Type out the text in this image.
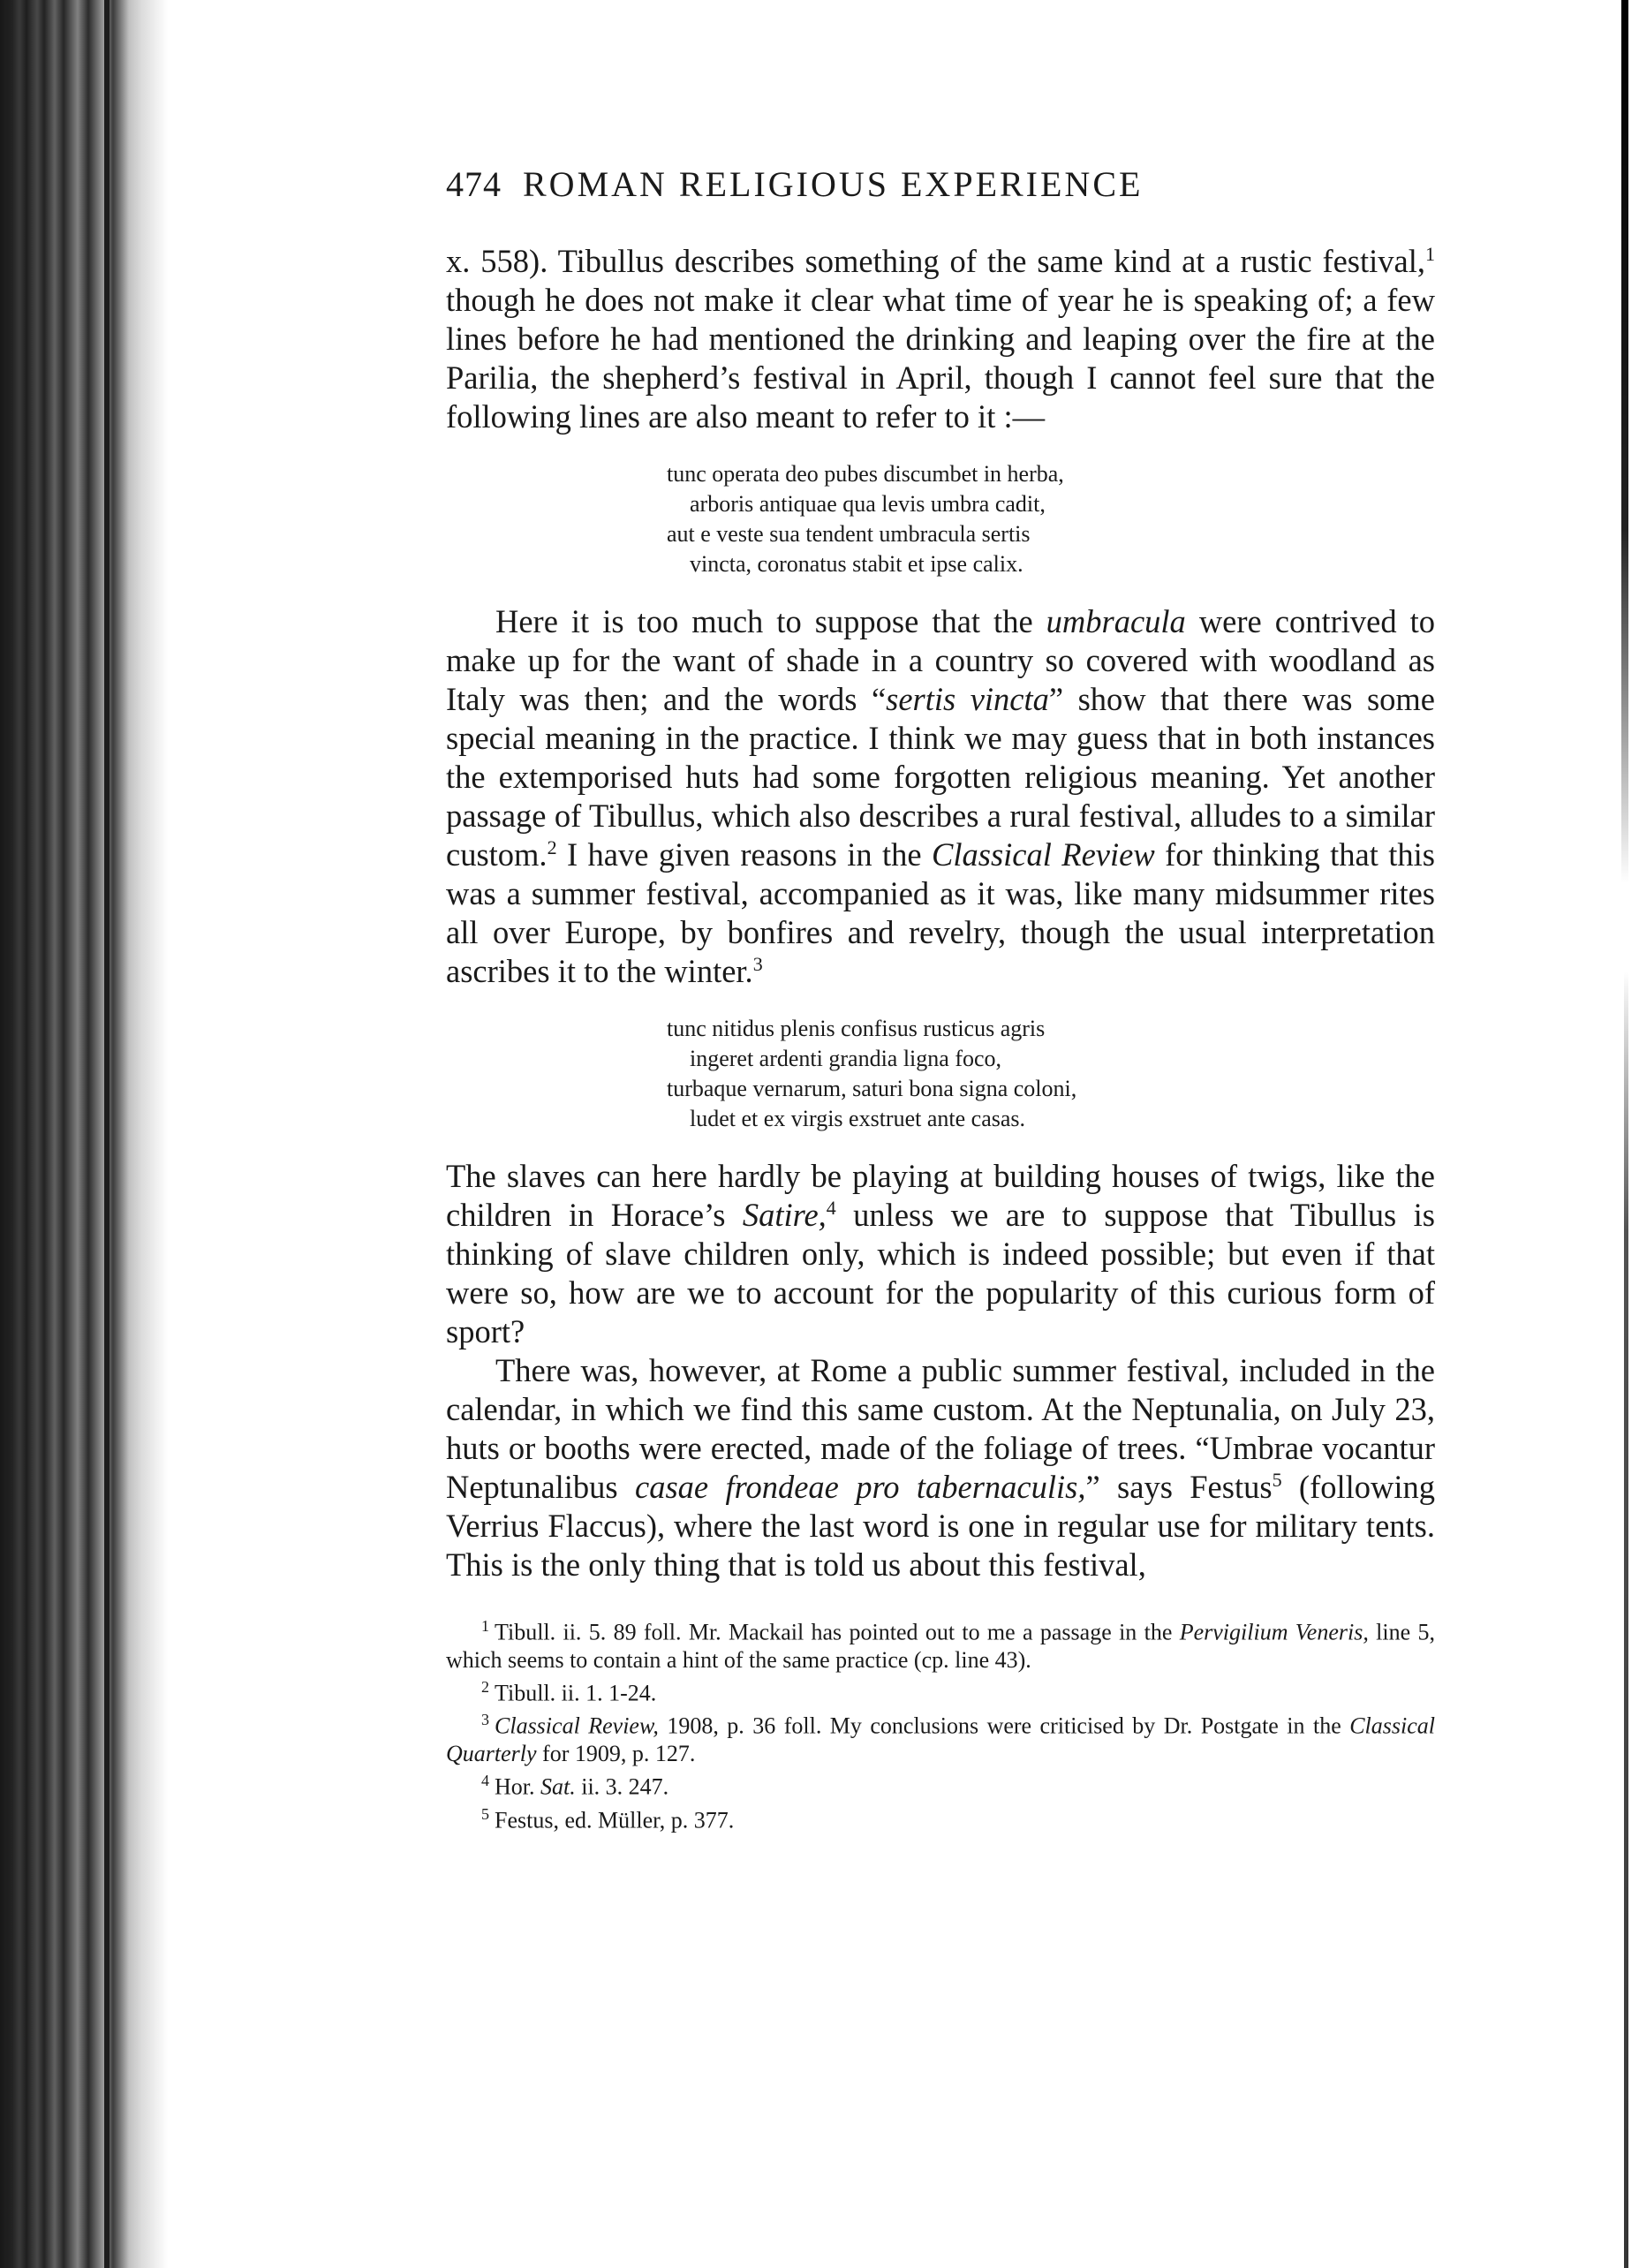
474 ROMAN RELIGIOUS EXPERIENCE

x. 558). Tibullus describes something of the same kind at a rustic festival,$^1$ though he does not make it clear what time of year he is speaking of; a few lines before he had mentioned the drinking and leaping over the fire at the Parilia, the shepherd’s festival in April, though I cannot feel sure that the following lines are also meant to refer to it :—

tunc operata deo pubes discumbet in herba,
arboris antiquae qua levis umbra cadit,
aut e veste sua tendent umbracula sertis
vincta, coronatus stabit et ipse calix.

Here it is too much to suppose that the umbracula were contrived to make up for the want of shade in a country so covered with woodland as Italy was then; and the words “sertis vincta” show that there was some special meaning in the practice. I think we may guess that in both instances the extemporised huts had some forgotten religious meaning. Yet another passage of Tibullus, which also describes a rural festival, alludes to a similar custom.$^2$ I have given reasons in the Classical Review for thinking that this was a summer festival, accompanied as it was, like many midsummer rites all over Europe, by bonfires and revelry, though the usual interpretation ascribes it to the winter.$^3$

tunc nitidus plenis confisus rusticus agris
ingeret ardenti grandia ligna foco,
turbaque vernarum, saturi bona signa coloni,
ludet et ex virgis exstruet ante casas.

The slaves can here hardly be playing at building houses of twigs, like the children in Horace’s Satire,$^4$ unless we are to suppose that Tibullus is thinking of slave children only, which is indeed possible; but even if that were so, how are we to account for the popularity of this curious form of sport?

There was, however, at Rome a public summer festival, included in the calendar, in which we find this same custom. At the Neptunalia, on July 23, huts or booths were erected, made of the foliage of trees. “Umbrae vocantur Neptunalibus casae frondeae pro tabernaculis,” says Festus$^5$ (following Verrius Flaccus), where the last word is one in regular use for military tents. This is the only thing that is told us about this festival,

$^1$ Tibull. ii. 5. 89 foll. Mr. Mackail has pointed out to me a passage in the Pervigilium Veneris, line 5, which seems to contain a hint of the same practice (cp. line 43).

$^2$ Tibull. ii. 1. 1-24.

$^3$ Classical Review, 1908, p. 36 foll. My conclusions were criticised by Dr. Postgate in the Classical Quarterly for 1909, p. 127.

$^4$ Hor. Sat. ii. 3. 247.

$^5$ Festus, ed. Müller, p. 377.
